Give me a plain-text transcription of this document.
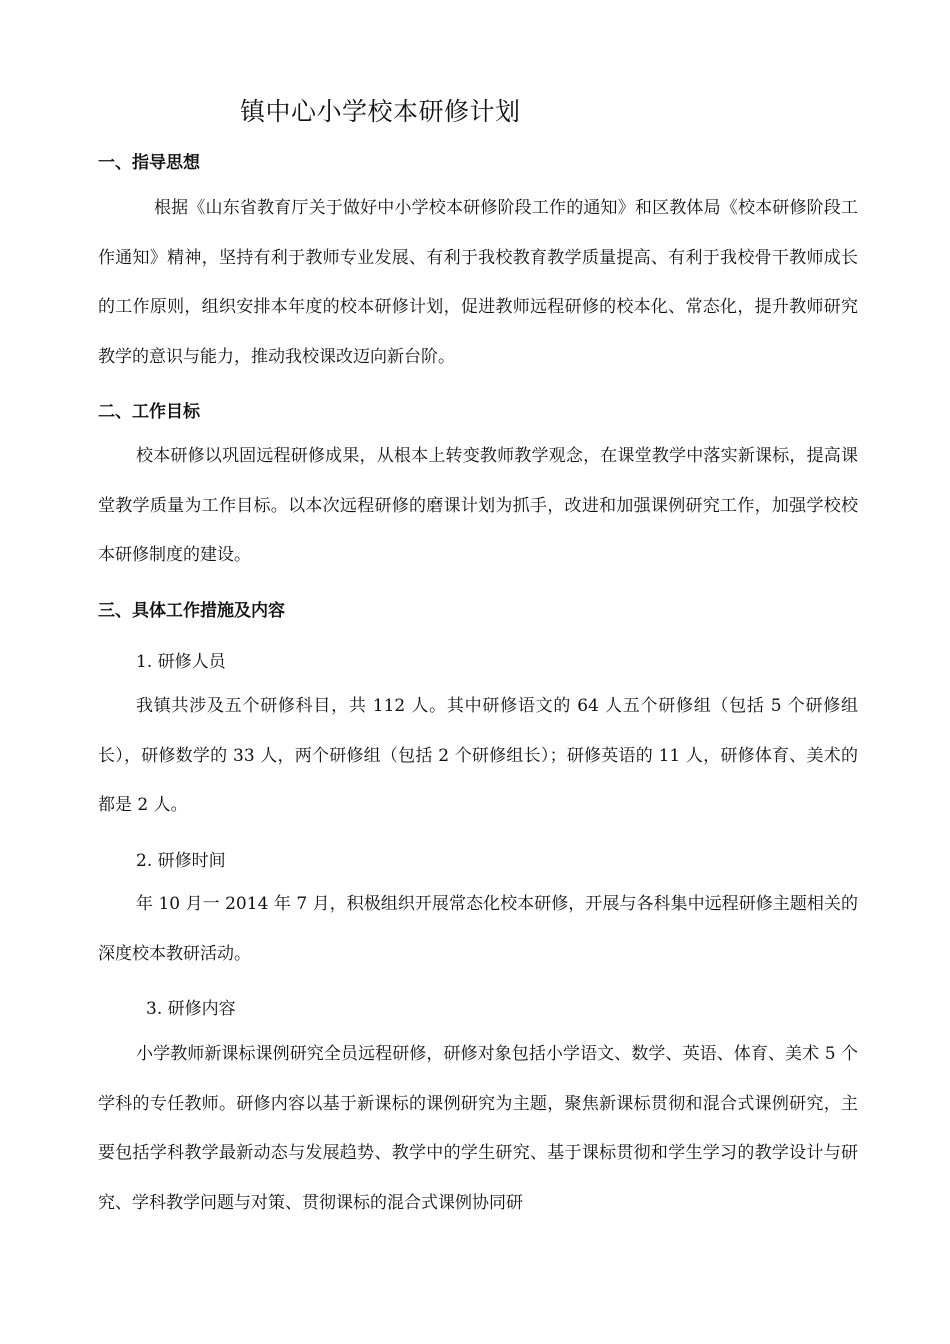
镇中心小学校本研修计划
一、指导思想

根据《山东省教育厅关于做好中小学校本研修阶段工作的通知》和区教体局《校本研修阶段工作通知》精神，坚持有利于教师专业发展、有利于我校教育教学质量提高、有利于我校骨干教师成长的工作原则，组织安排本年度的校本研修计划，促进教师远程研修的校本化、常态化，提升教师研究教学的意识与能力，推动我校课改迈向新台阶。

二、工作目标

校本研修以巩固远程研修成果，从根本上转变教师教学观念，在课堂教学中落实新课标，提高课堂教学质量为工作目标。以本次远程研修的磨课计划为抓手，改进和加强课例研究工作，加强学校校本研修制度的建设。

三、具体工作措施及内容
1. 研修人员

我镇共涉及五个研修科目，共 112 人。其中研修语文的 64 人五个研修组（包括 5 个研修组长），研修数学的 33 人，两个研修组（包括 2 个研修组长）；研修英语的 11 人，研修体育、美术的都是 2 人。

2. 研修时间

年 10 月一 2014 年 7 月，积极组织开展常态化校本研修，开展与各科集中远程研修主题相关的深度校本教研活动。

3. 研修内容

小学教师新课标课例研究全员远程研修，研修对象包括小学语文、数学、英语、体育、美术 5 个学科的专任教师。研修内容以基于新课标的课例研究为主题，聚焦新课标贯彻和混合式课例研究，主要包括学科教学最新动态与发展趋势、教学中的学生研究、基于课标贯彻和学生学习的教学设计与研究、学科教学问题与对策、贯彻课标的混合式课例协同研
